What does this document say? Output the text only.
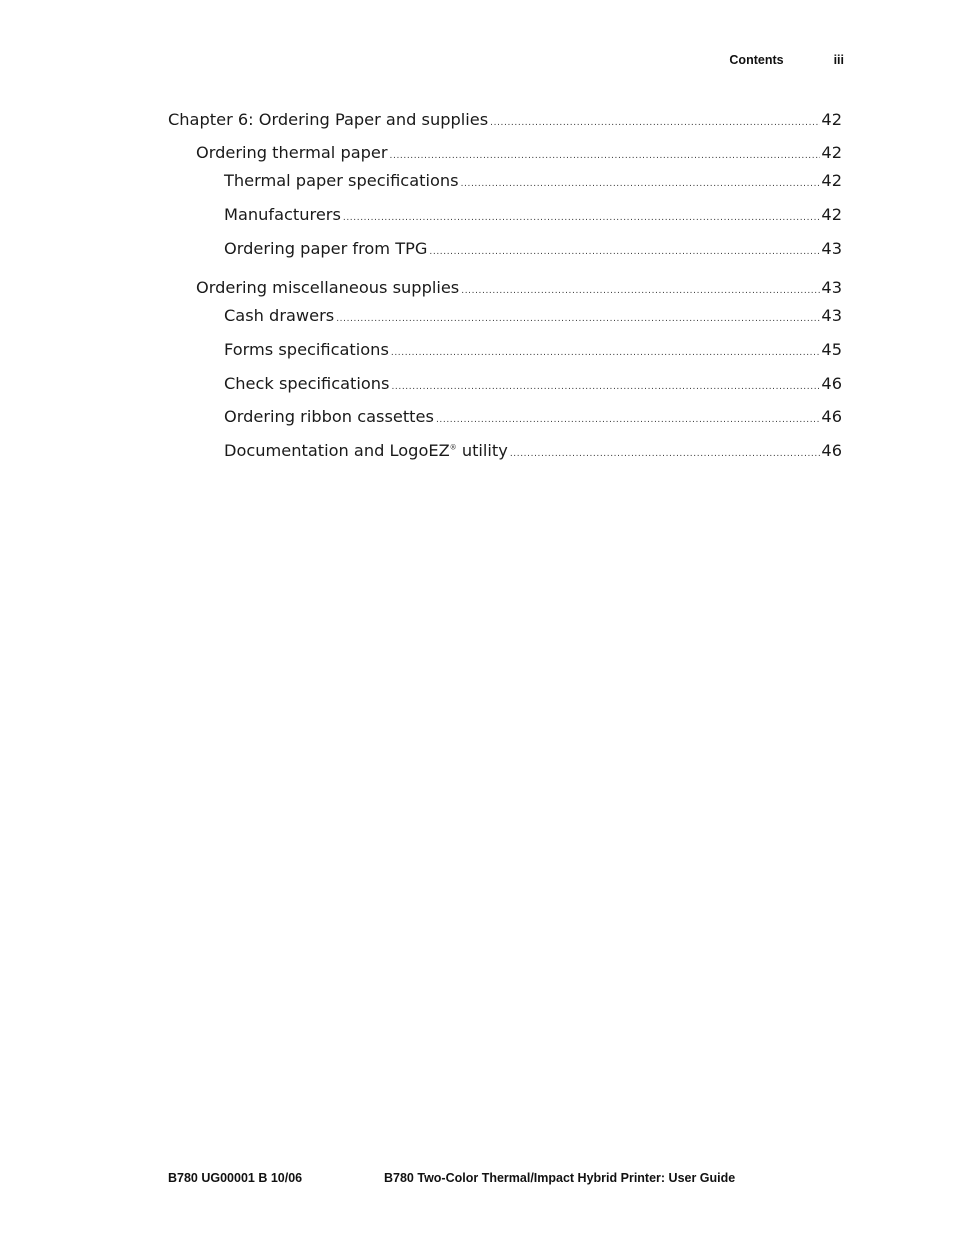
Contents	iii
Chapter 6: Ordering Paper and supplies .....	42
Ordering thermal paper .....	42
Thermal paper specifications .....	42
Manufacturers .....	42
Ordering paper from TPG .....	43
Ordering miscellaneous supplies .....	43
Cash drawers .....	43
Forms specifications .....	45
Check specifications .....	46
Ordering ribbon cassettes .....	46
Documentation and LogoEZ® utility .....	46
B780 UG00001 B 10/06	B780 Two-Color Thermal/Impact Hybrid Printer: User Guide
